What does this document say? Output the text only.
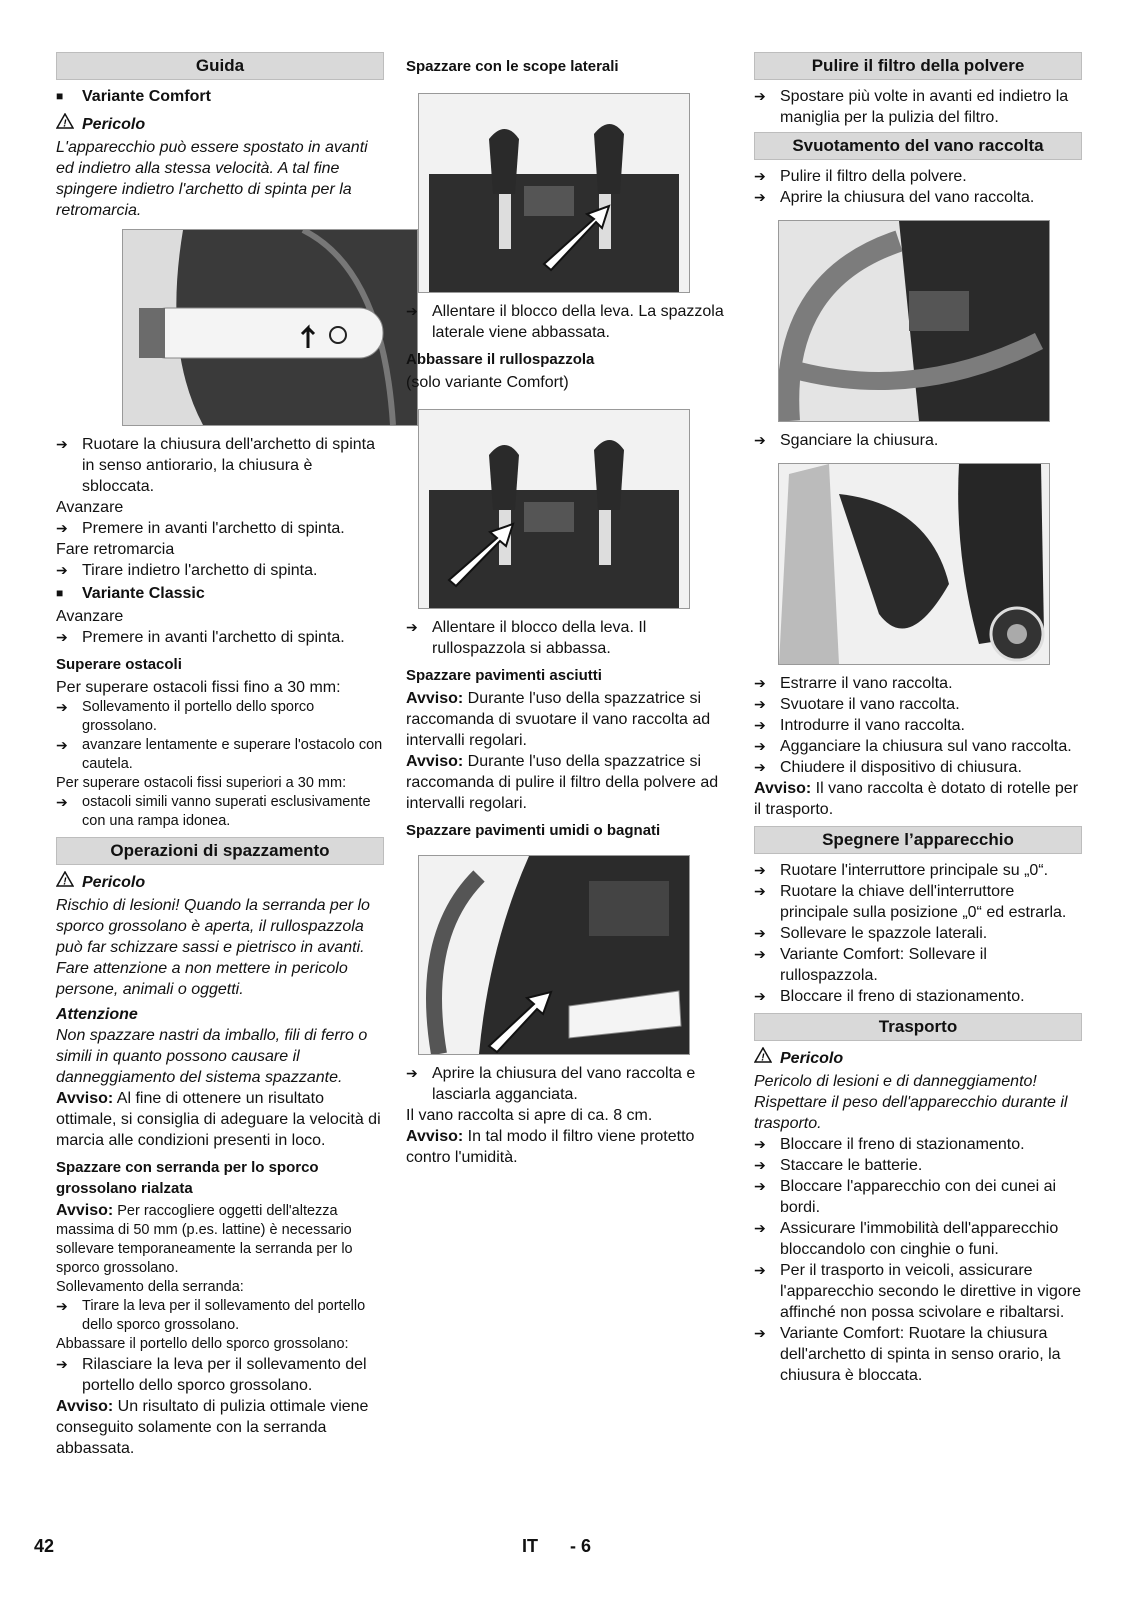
Guida
■	Variante Comfort
! Pericolo

L'apparecchio può essere spostato in avanti ed indietro alla stessa velocità. A tal fine spingere indietro l'archetto di spinta per la retromarcia.

➔ Ruotare la chiusura dell'archetto di spinta in senso antiorario, la chiusura è sbloccata.

Avanzare

➔ Premere in avanti l'archetto di spinta.

Fare retromarcia

➔ Tirare indietro l'archetto di spinta.
■	Variante Classic

Avanzare

➔ Premere in avanti l'archetto di spinta.
Superare ostacoli

Per superare ostacoli fissi fino a 30 mm:

➔ Sollevamento il portello dello sporco grossolano.
➔ avanzare lentamente e superare l'ostacolo con cautela.

Per superare ostacoli fissi superiori a 30 mm:

➔ ostacoli simili vanno superati esclusivamente con una rampa idonea.
Operazioni di spazzamento
! Pericolo

Rischio di lesioni! Quando la serranda per lo sporco grossolano è aperta, il rullospazzola può far schizzare sassi e pietrisco in avanti. Fare attenzione a non mettere in pericolo persone, animali o oggetti.

Attenzione

Non spazzare nastri da imballo, fili di ferro o simili in quanto possono causare il danneggiamento del sistema spazzante.

Avviso: Al fine di ottenere un risultato ottimale, si consiglia di adeguare la velocità di marcia alle condizioni presenti in loco.

Spazzare con serranda per lo sporco grossolano rialzata

Avviso: Per raccogliere oggetti dell'altezza massima di 50 mm (p.es. lattine) è necessario sollevare temporaneamente la serranda per lo sporco grossolano.

Sollevamento della serranda:

➔ Tirare la leva per il sollevamento del portello dello sporco grossolano.

Abbassare il portello dello sporco grossolano:

➔ Rilasciare la leva per il sollevamento del portello dello sporco grossolano.

Avviso: Un risultato di pulizia ottimale viene conseguito solamente con la serranda abbassata.

Spazzare con le scope laterali
➔ Allentare il blocco della leva. La spazzola laterale viene abbassata.
Abbassare il rullospazzola

(solo variante Comfort)

➔ Allentare il blocco della leva. Il rullospazzola si abbassa.
Spazzare pavimenti asciutti

Avviso: Durante l'uso della spazzatrice si raccomanda di svuotare il vano raccolta ad intervalli regolari.

Avviso: Durante l'uso della spazzatrice si raccomanda di pulire il filtro della polvere ad intervalli regolari.

Spazzare pavimenti umidi o bagnati
➔ Aprire la chiusura del vano raccolta e lasciarla agganciata.

Il vano raccolta si apre di ca. 8 cm.

Avviso: In tal modo il filtro viene protetto contro l'umidità.

Pulire il filtro della polvere
➔ Spostare più volte in avanti ed indietro la maniglia per la pulizia del filtro.
Svuotamento del vano raccolta
➔ Pulire il filtro della polvere.
➔ Aprire la chiusura del vano raccolta.
➔ Sganciare la chiusura.
➔ Estrarre il vano raccolta.
➔ Svuotare il vano raccolta.
➔ Introdurre il vano raccolta.
➔ Agganciare la chiusura sul vano raccolta.
➔ Chiudere il dispositivo di chiusura.

Avviso: Il vano raccolta è dotato di rotelle per il trasporto.

Spegnere l’apparecchio
➔ Ruotare l'interruttore principale su „0“.
➔ Ruotare la chiave dell'interruttore principale sulla posizione „0“ ed estrarla.
➔ Sollevare le spazzole laterali.
➔ Variante Comfort: Sollevare il rullospazzola.
➔ Bloccare il freno di stazionamento.
Trasporto
! Pericolo

Pericolo di lesioni e di danneggiamento! Rispettare il peso dell'apparecchio durante il trasporto.

➔ Bloccare il freno di stazionamento.
➔ Staccare le batterie.
➔ Bloccare l'apparecchio con dei cunei ai bordi.
➔ Assicurare l'immobilità dell'apparecchio bloccandolo con cinghie o funi.
➔ Per il trasporto in veicoli, assicurare l'apparecchio secondo le direttive in vigore affinché non possa scivolare e ribaltarsi.
➔ Variante Comfort: Ruotare la chiusura dell'archetto di spinta in senso orario, la chiusura è bloccata.
42	IT - 6
